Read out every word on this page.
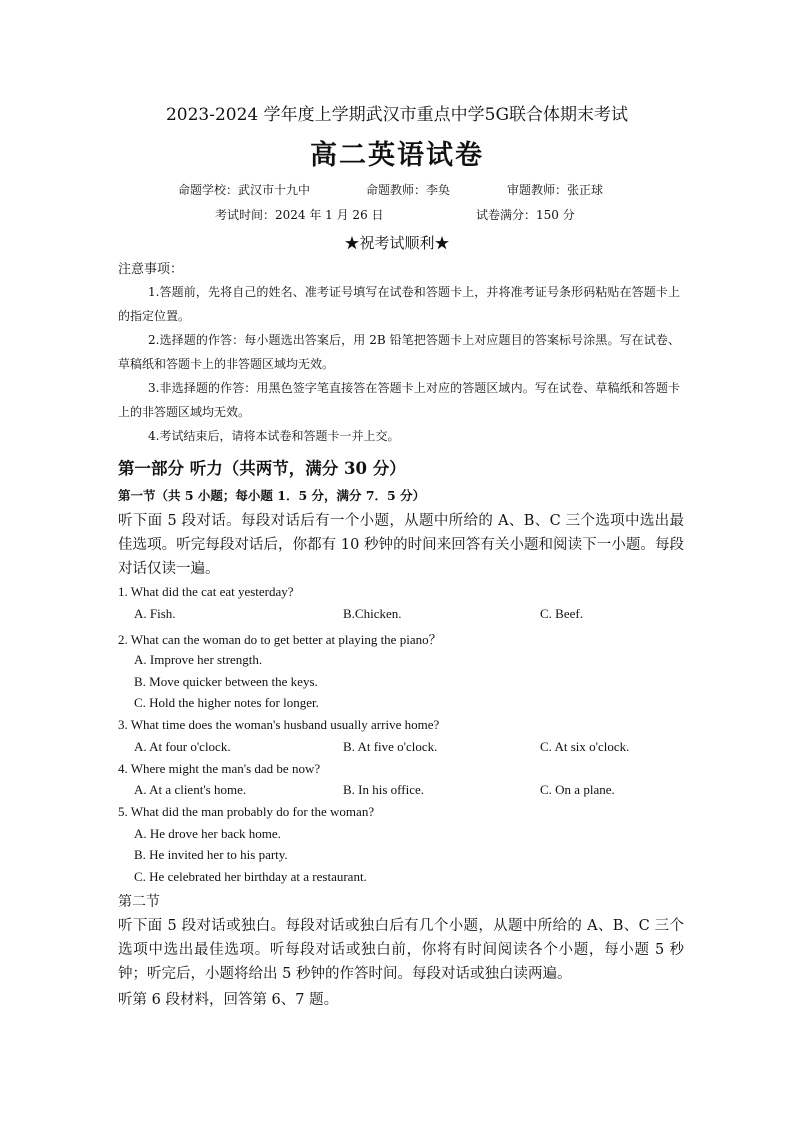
2023-2024 学年度上学期武汉市重点中学5G联合体期末考试
高二英语试卷
命题学校：武汉市十九中	命题教师：李奂	审题教师：张正球
考试时间：2024 年 1 月 26 日	试卷满分：150 分
★祝考试顺利★
注意事项：

1.答题前，先将自己的姓名、准考证号填写在试卷和答题卡上，并将准考证号条形码粘贴在答题卡上的指定位置。

2.选择题的作答：每小题选出答案后，用 2B 铅笔把答题卡上对应题目的答案标号涂黑。写在试卷、草稿纸和答题卡上的非答题区域均无效。

3.非选择题的作答：用黑色签字笔直接答在答题卡上对应的答题区域内。写在试卷、草稿纸和答题卡上的非答题区域均无效。

4.考试结束后，请将本试卷和答题卡一并上交。

第一部分 听力（共两节，满分 30 分）
第一节（共 5 小题；每小题 1．5 分，满分 7．5 分）
听下面 5 段对话。每段对话后有一个小题，从题中所给的 A、B、C 三个选项中选出最佳选项。听完每段对话后，你都有 10 秒钟的时间来回答有关小题和阅读下一小题。每段对话仅读一遍。
1. What did the cat eat yesterday?
A. Fish.	B.Chicken.	C. Beef.
2. What can the woman do to get better at playing the piano？
A. Improve her strength.
B. Move quicker between the keys.
C. Hold the higher notes for longer.
3. What time does the woman's husband usually arrive home?
A. At four o'clock.	B. At five o'clock.	C. At six o'clock.
4. Where might the man's dad be now?
A. At a client's home.	B. In his office.	C. On a plane.
5. What did the man probably do for the woman?
A. He drove her back home.
B. He invited her to his party.
C. He celebrated her birthday at a restaurant.
第二节
听下面 5 段对话或独白。每段对话或独白后有几个小题，从题中所给的 A、B、C 三个选项中选出最佳选项。听每段对话或独白前，你将有时间阅读各个小题，每小题 5 秒钟；听完后，小题将给出 5 秒钟的作答时间。每段对话或独白读两遍。
听第 6 段材料，回答第 6、7 题。
